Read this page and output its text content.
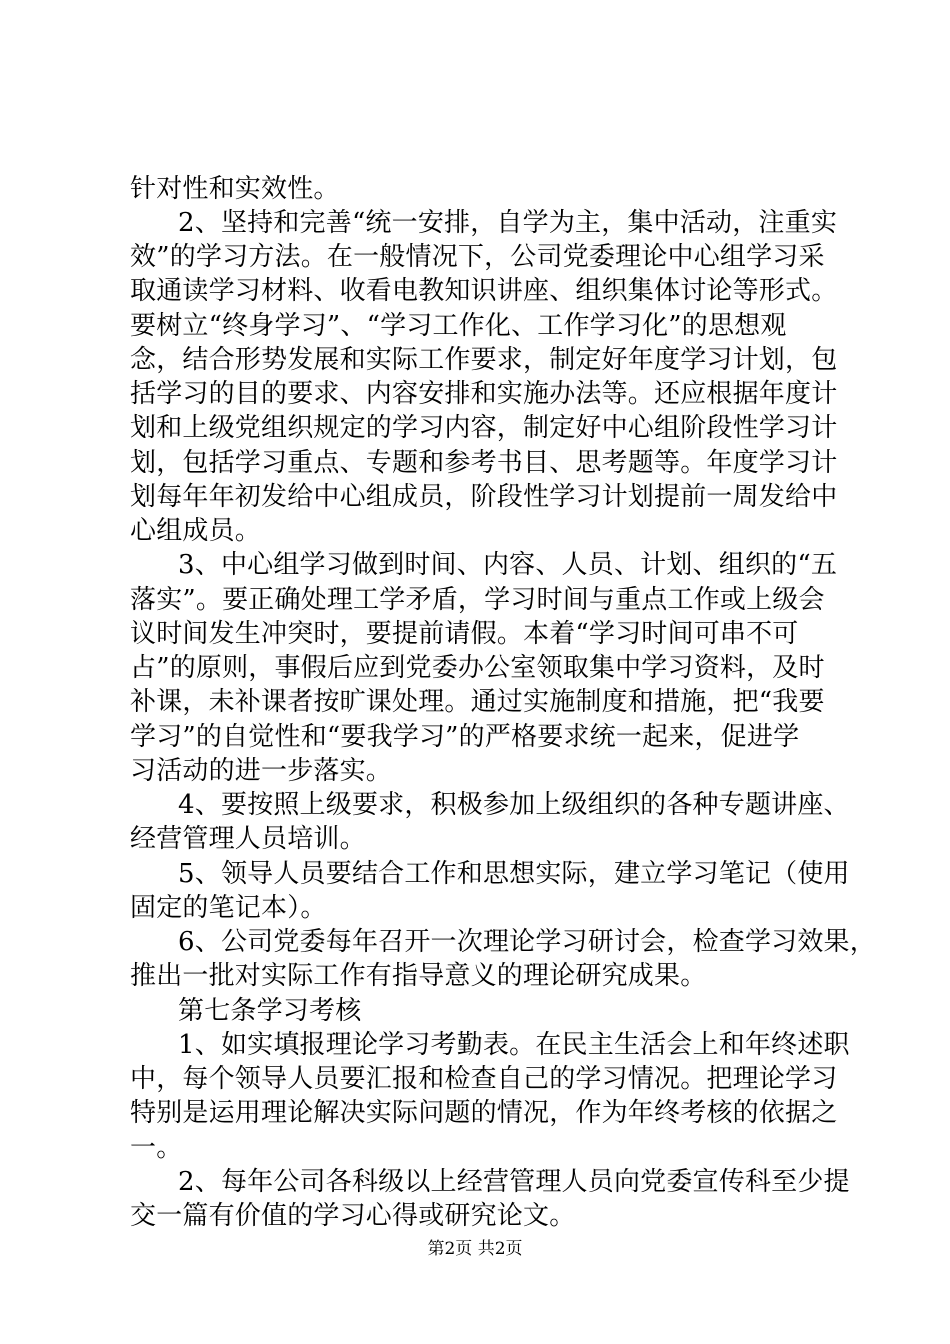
针对性和实效性。
2、坚持和完善“统一安排，自学为主，集中活动，注重实
效”的学习方法。在一般情况下，公司党委理论中心组学习采
取通读学习材料、收看电教知识讲座、组织集体讨论等形式。
要树立“终身学习”、“学习工作化、工作学习化”的思想观
念，结合形势发展和实际工作要求，制定好年度学习计划，包
括学习的目的要求、内容安排和实施办法等。还应根据年度计
划和上级党组织规定的学习内容，制定好中心组阶段性学习计
划，包括学习重点、专题和参考书目、思考题等。年度学习计
划每年年初发给中心组成员，阶段性学习计划提前一周发给中
心组成员。
3、中心组学习做到时间、内容、人员、计划、组织的“五
落实”。要正确处理工学矛盾，学习时间与重点工作或上级会
议时间发生冲突时，要提前请假。本着“学习时间可串不可
占”的原则，事假后应到党委办公室领取集中学习资料，及时
补课，未补课者按旷课处理。通过实施制度和措施，把“我要
学习”的自觉性和“要我学习”的严格要求统一起来，促进学
习活动的进一步落实。
4、要按照上级要求，积极参加上级组织的各种专题讲座、
经营管理人员培训。
5、领导人员要结合工作和思想实际，建立学习笔记（使用
固定的笔记本）。
6、公司党委每年召开一次理论学习研讨会，检查学习效果，
推出一批对实际工作有指导意义的理论研究成果。
第七条学习考核
1、如实填报理论学习考勤表。在民主生活会上和年终述职
中，每个领导人员要汇报和检查自己的学习情况。把理论学习
特别是运用理论解决实际问题的情况，作为年终考核的依据之
一。
2、每年公司各科级以上经营管理人员向党委宣传科至少提
交一篇有价值的学习心得或研究论文。
第2页 共2页
